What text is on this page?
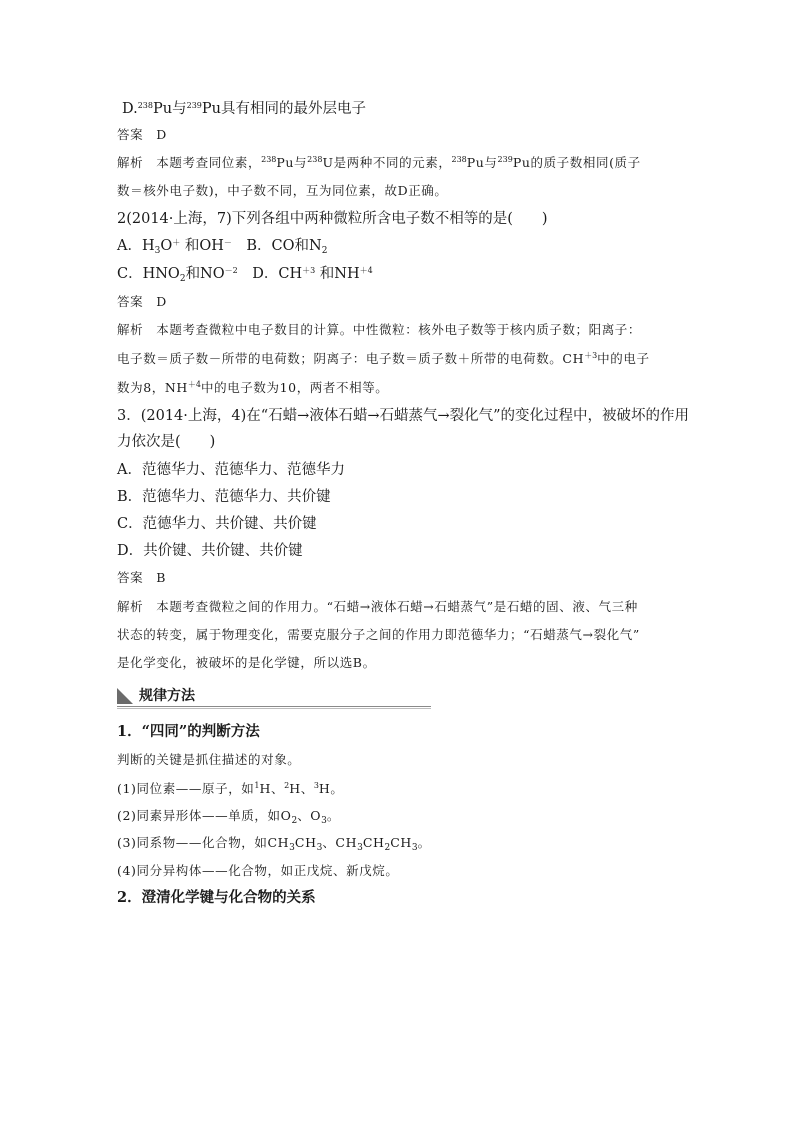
D.$^{238}$Pu与$^{239}$Pu具有相同的最外层电子
答案　D
解析　本题考查同位素，$^{238}$Pu与$^{238}$U是两种不同的元素，$^{238}$Pu与$^{239}$Pu的质子数相同(质子
数＝核外电子数)，中子数不同，互为同位素，故D正确。
2(2014·上海，7)下列各组中两种微粒所含电子数不相等的是(　　)
A．$H_3O^+$ 和OH－　B．CO和$N_2$
C．$HNO_2$和$NO^{-2}$　D．$CH^{+3}$ 和$NH^{+4}$
答案　D
解析　本题考查微粒中电子数目的计算。中性微粒：核外电子数等于核内质子数；阳离子：
电子数＝质子数－所带的电荷数；阴离子：电子数＝质子数＋所带的电荷数。$CH^{+3}$中的电子
数为8，$NH^{+4}$中的电子数为10，两者不相等。
3．(2014·上海，4)在“石蜡→液体石蜡→石蜡蒸气→裂化气”的变化过程中，被破坏的作用
力依次是(　　)
A．范德华力、范德华力、范德华力
B．范德华力、范德华力、共价键
C．范德华力、共价键、共价键
D．共价键、共价键、共价键
答案　B
解析　本题考查微粒之间的作用力。“石蜡→液体石蜡→石蜡蒸气”是石蜡的固、液、气三种
状态的转变，属于物理变化，需要克服分子之间的作用力即范德华力；“石蜡蒸气→裂化气”
是化学变化，被破坏的是化学键，所以选B。
规律方法
1．“四同”的判断方法
判断的关键是抓住描述的对象。
(1)同位素——原子，如$^1$H、$^2$H、$^3$H。
(2)同素异形体——单质，如$O_2$、$O_3$。
(3)同系物——化合物，如$CH_3CH_3$、$CH_3CH_2CH_3$。
(4)同分异构体——化合物，如正戊烷、新戊烷。
2．澄清化学键与化合物的关系
